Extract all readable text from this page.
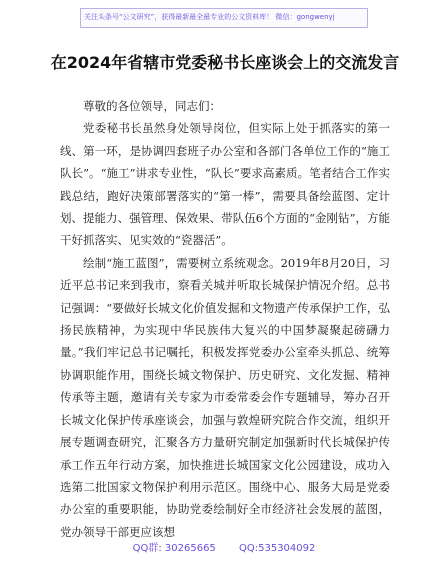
关注头条号“公文研究”，获得最新最全最专业的公文资料库！ 微信：gongwenyj
在2024年省辖市党委秘书长座谈会上的交流发言

尊敬的各位领导，同志们：

党委秘书长虽然身处领导岗位，但实际上处于抓落实的第一线、第一环，是协调四套班子办公室和各部门各单位工作的“施工队长”。“施工”讲求专业性，“队长”要求高素质。笔者结合工作实践总结，跑好决策部署落实的“第一棒”，需要具备绘蓝图、定计划、提能力、强管理、保效果、带队伍6个方面的“金刚钻”，方能干好抓落实、见实效的“瓷器活”。

绘制“施工蓝图”，需要树立系统观念。2019年8月20日，习近平总书记来到我市，察看关城并听取长城保护情况介绍。总书记强调：“要做好长城文化价值发掘和文物遗产传承保护工作，弘扬民族精神，为实现中华民族伟大复兴的中国梦凝聚起磅礴力量。”我们牢记总书记嘱托，积极发挥党委办公室牵头抓总、统筹协调职能作用，围绕长城文物保护、历史研究、文化发掘、精神传承等主题，邀请有关专家为市委常委会作专题辅导，筹办召开长城文化保护传承座谈会，加强与敦煌研究院合作交流，组织开展专题调查研究，汇聚各方力量研究制定加强新时代长城保护传承工作五年行动方案，加快推进长城国家文化公园建设，成功入选第二批国家文物保护利用示范区。围绕中心、服务大局是党委办公室的重要职能，协助党委绘制好全市经济社会发展的蓝图，党办领导干部更应该想

QQ群: 30265665 QQ:535304092
